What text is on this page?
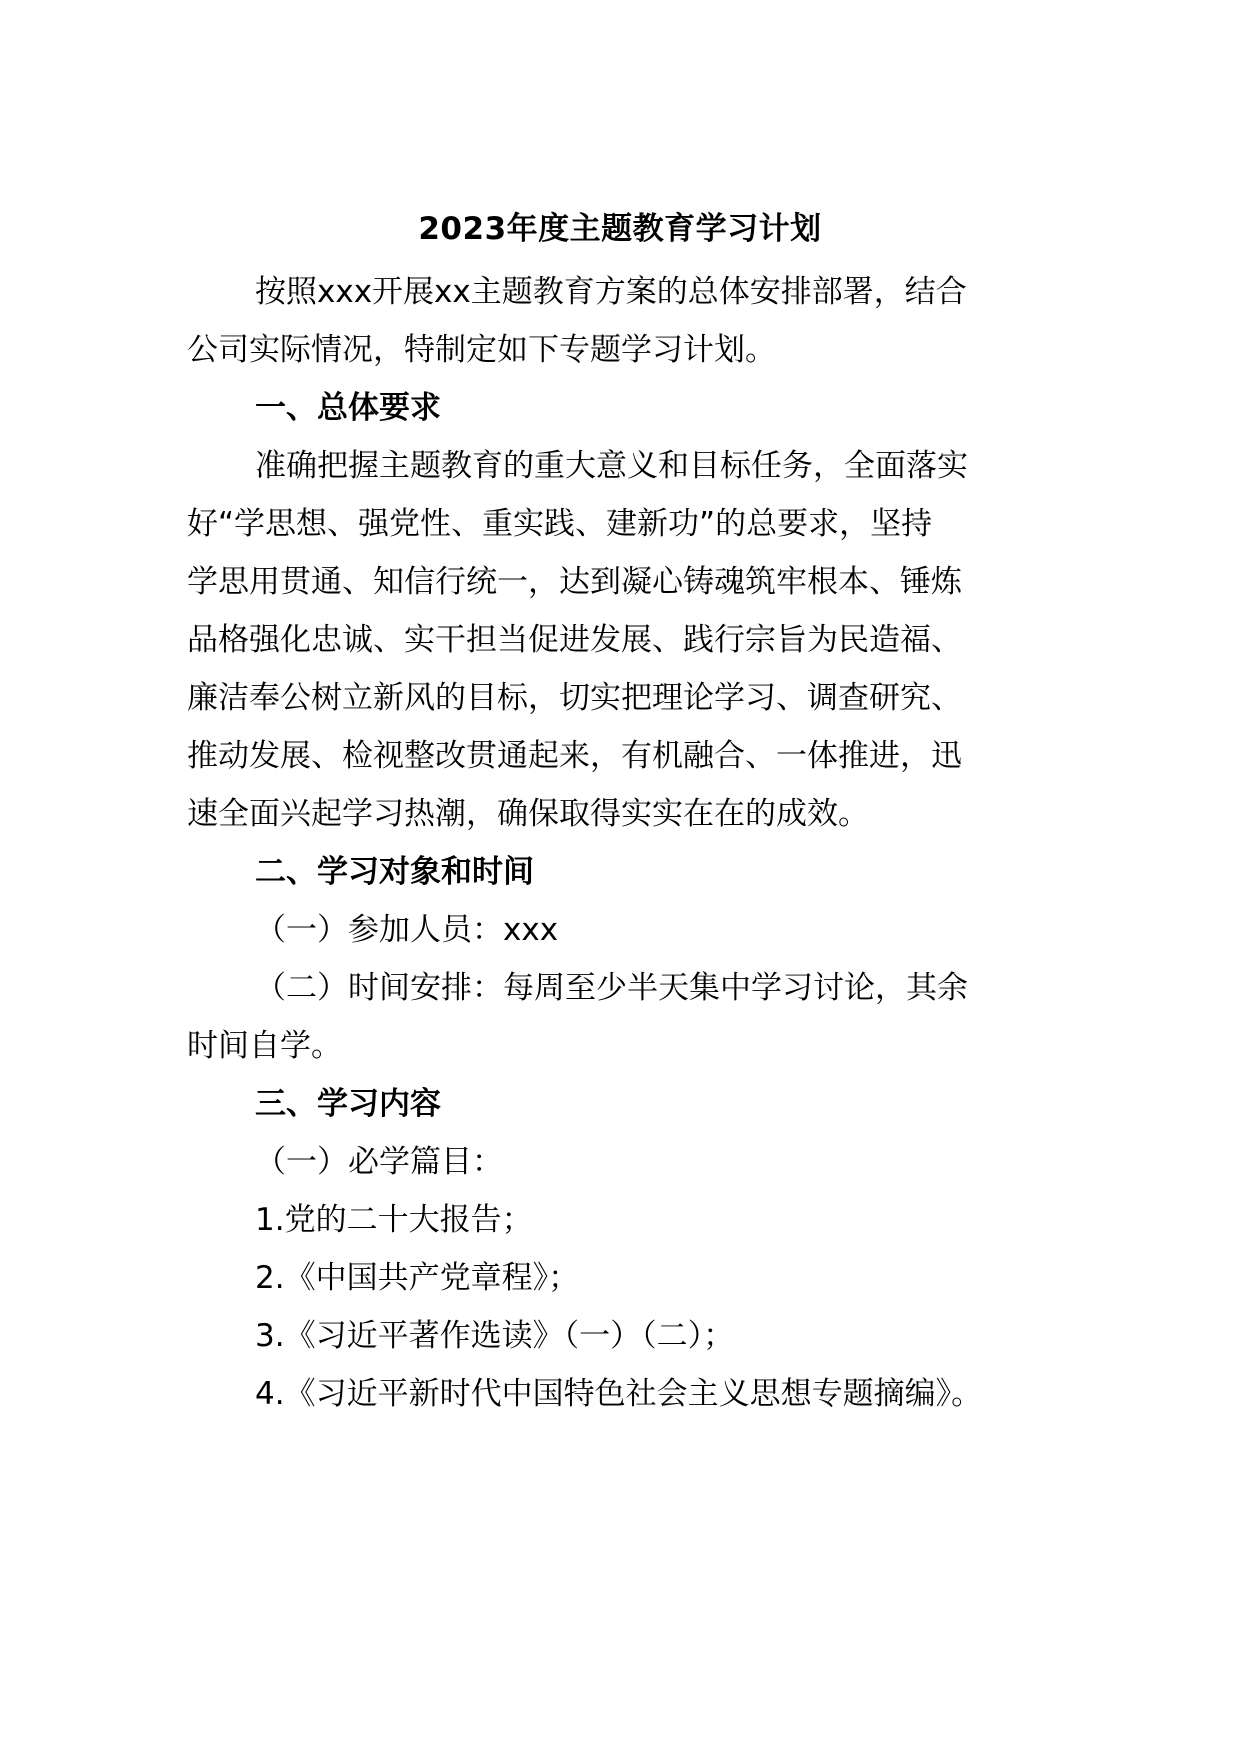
2023年度主题教育学习计划
按照xxx开展xx主题教育方案的总体安排部署，结合
公司实际情况，特制定如下专题学习计划。
一、总体要求
准确把握主题教育的重大意义和目标任务，全面落实
好“学思想、强党性、重实践、建新功”的总要求，坚持
学思用贯通、知信行统一，达到凝心铸魂筑牢根本、锤炼
品格强化忠诚、实干担当促进发展、践行宗旨为民造福、
廉洁奉公树立新风的目标，切实把理论学习、调查研究、
推动发展、检视整改贯通起来，有机融合、一体推进，迅
速全面兴起学习热潮，确保取得实实在在的成效。
二、学习对象和时间
（一）参加人员：xxx
（二）时间安排：每周至少半天集中学习讨论，其余
时间自学。
三、学习内容
（一）必学篇目：
1.党的二十大报告；
2.《中国共产党章程》；
3.《习近平著作选读》（一）（二）；
4.《习近平新时代中国特色社会主义思想专题摘编》。
